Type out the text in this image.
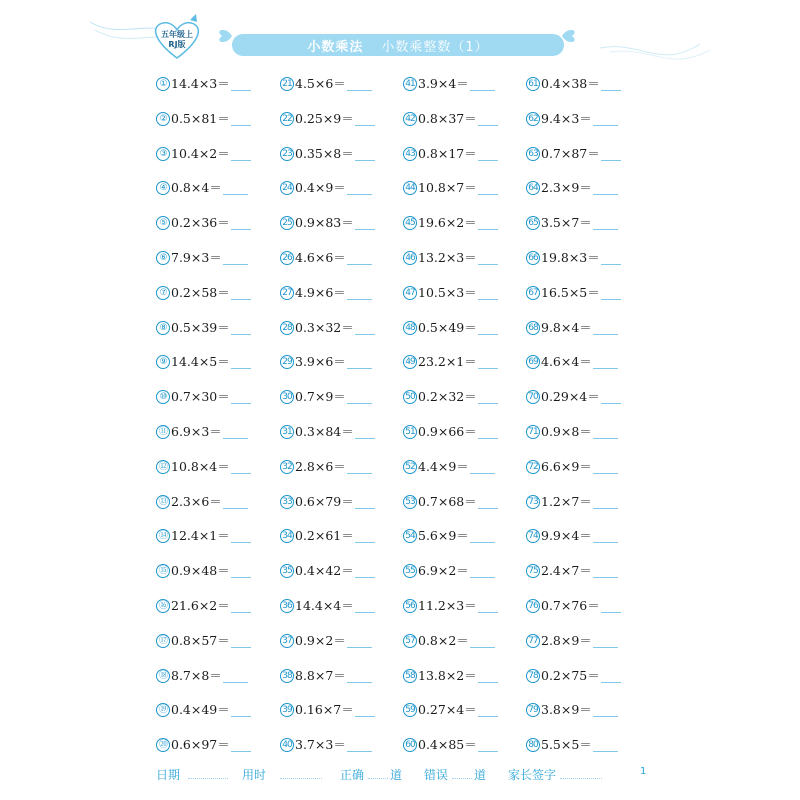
五年级上
RJ版	小数乘法 小数乘整数（1）
① 14.4×3＝
② 0.5×81＝
③ 10.4×2＝
④ 0.8×4＝
⑤ 0.2×36＝
⑥ 7.9×3＝
⑦ 0.2×58＝
⑧ 0.5×39＝
⑨ 14.4×5＝
⑩ 0.7×30＝
⑪ 6.9×3＝
⑫ 10.8×4＝
⑬ 2.3×6＝
⑭ 12.4×1＝
⑮ 0.9×48＝
⑯ 21.6×2＝
⑰ 0.8×57＝
⑱ 8.7×8＝
⑲ 0.4×49＝
⑳ 0.6×97＝
21 4.5×6＝
22 0.25×9＝
23 0.35×8＝
24 0.4×9＝
25 0.9×83＝
26 4.6×6＝
27 4.9×6＝
28 0.3×32＝
29 3.9×6＝
30 0.7×9＝
31 0.3×84＝
32 2.8×6＝
33 0.6×79＝
34 0.2×61＝
35 0.4×42＝
36 14.4×4＝
37 0.9×2＝
38 8.8×7＝
39 0.16×7＝
40 3.7×3＝
41 3.9×4＝
42 0.8×37＝
43 0.8×17＝
44 10.8×7＝
45 19.6×2＝
46 13.2×3＝
47 10.5×3＝
48 0.5×49＝
49 23.2×1＝
50 0.2×32＝
51 0.9×66＝
52 4.4×9＝
53 0.7×68＝
54 5.6×9＝
55 6.9×2＝
56 11.2×3＝
57 0.8×2＝
58 13.8×2＝
59 0.27×4＝
60 0.4×85＝
61 0.4×38＝
62 9.4×3＝
63 0.7×87＝
64 2.3×9＝
65 3.5×7＝
66 19.8×3＝
67 16.5×5＝
68 9.8×4＝
69 4.6×4＝
70 0.29×4＝
71 0.9×8＝
72 6.6×9＝
73 1.2×7＝
74 9.9×4＝
75 2.4×7＝
76 0.7×76＝
77 2.8×9＝
78 0.2×75＝
79 3.8×9＝
80 5.5×5＝
日期	用时	正确 道 错误 道 家长签字	1
